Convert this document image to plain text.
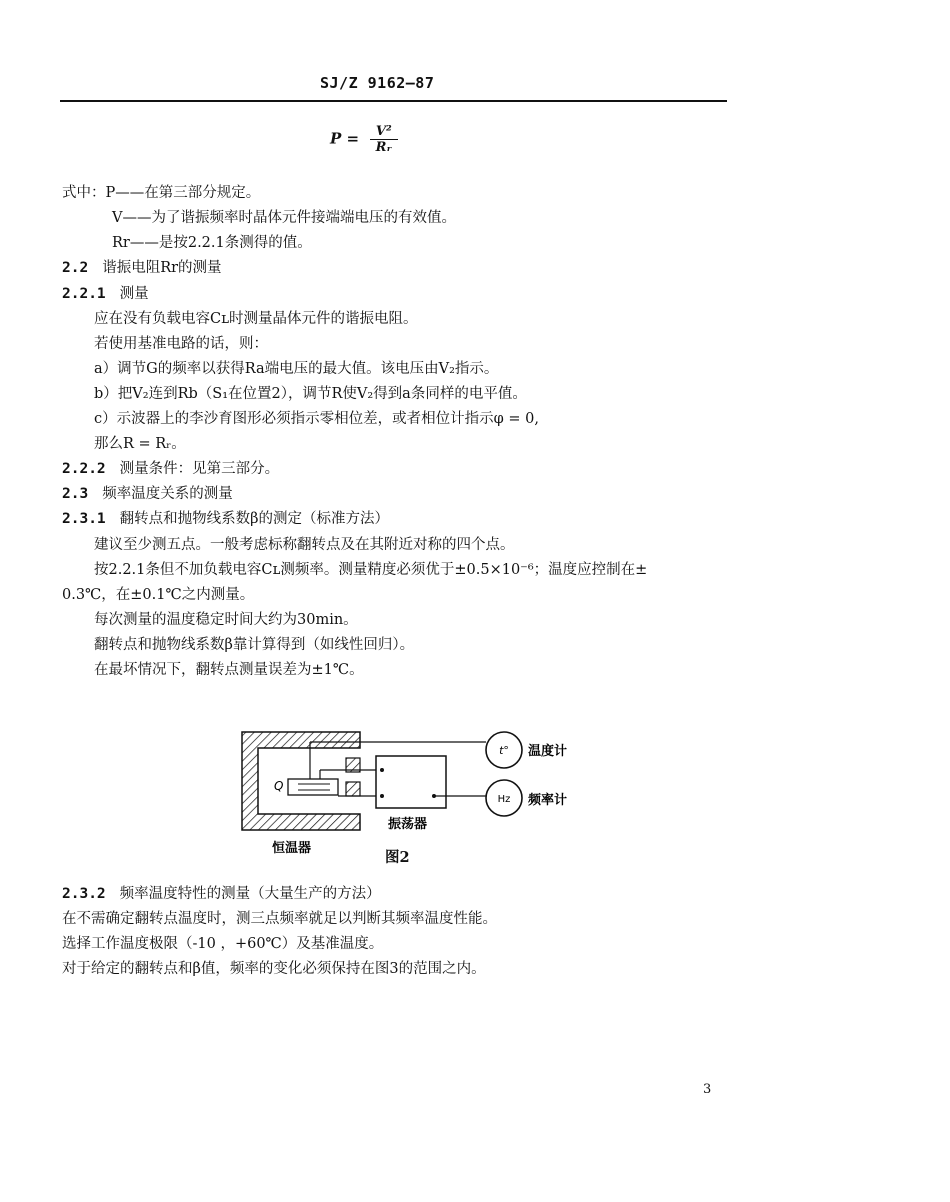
SJ/Z 9162—87
$P = \frac{\text{V²}}{\text{Rᵣ}}$
式中：P——在第三部分规定。
V——为了谐振频率时晶体元件接端端电压的有效值。
Rr——是按2.2.1条测得的值。
2.2 谐振电阻Rr的测量
2.2.1 测量
应在没有负载电容Cʟ时测量晶体元件的谐振电阻。
若使用基准电路的话，则：
a）调节G的频率以获得Ra端电压的最大值。该电压由V₂指示。
b）把V₂连到Rb（S₁在位置2），调节R使V₂得到a条同样的电平值。
c）示波器上的李沙育图形必须指示零相位差，或者相位计指示φ = 0,
那么R = Rᵣ。
2.2.2 测量条件：见第三部分。
2.3 频率温度关系的测量
2.3.1 翻转点和抛物线系数β的测定（标准方法）
建议至少测五点。一般考虑标称翻转点及在其附近对称的四个点。
按2.2.1条但不加负载电容Cʟ测频率。测量精度必须优于±0.5×10⁻⁶；温度应控制在±
0.3℃，在±0.1℃之内测量。
每次测量的温度稳定时间大约为30min。
翻转点和抛物线系数β靠计算得到（如线性回归）。
在最坏情况下，翻转点测量误差为±1℃。
Q
t°
Hz
温度计
频率计
恒温器
振荡器
图2
2.3.2 频率温度特性的测量（大量生产的方法）
在不需确定翻转点温度时，测三点频率就足以判断其频率温度性能。
选择工作温度极限（-10 ，+60℃）及基准温度。
对于给定的翻转点和β值，频率的变化必须保持在图3的范围之内。
3
